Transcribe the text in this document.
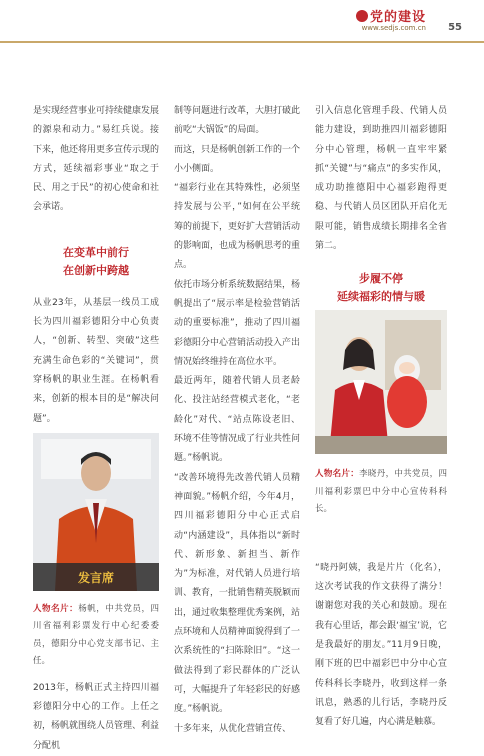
党的建设
www.sedjs.com.cn 55

是实现经营事业可持续健康发展的源泉和动力。”易红兵说。接下来，他还将用更多宣传示现的方式，延续福彩事业“取之于民、用之于民”的初心使命和社会承诺。

在变革中前行
在创新中跨越

从业23年，从基层一线员工成长为四川福彩德阳分中心负责人，“创新、转型、突破”这些充满生命色彩的“关键词”，贯穿杨帆的职业生涯。在杨帆看来，创新的根本目的是“解决问题”。

发言席
人物名片：杨帆，中共党员，四川省福利彩票发行中心纪委委员，德阳分中心党支部书记、主任。

2013年，杨帆正式主持四川福彩德阳分中心的工作。上任之初，杨帆就围绕人员管理、利益分配机

制等问题进行改革，大胆打破此前吃“大锅饭”的局面。

而这，只是杨帆创新工作的一个小小侧面。

“福彩行业在其特殊性，必须坚持发展与公平，”如何在公平统筹的前提下，更好扩大营销活动的影响面，也成为杨帆思考的重点。

依托市场分析系统数据结果，杨帆提出了“展示率是检验营销活动的重要标准”，推动了四川福彩德阳分中心营销活动投入产出情况始终维持在高位水平。

最近两年，随着代销人员老龄化、投注站经营模式老化，“老龄化”对代、“站点陈设老旧、环境不佳等情况成了行业共性问题。”杨帆说。

“改善环境得先改善代销人员精神面貌。”杨帆介绍，今年4月，四川福彩德阳分中心正式启动“内涵建设”，具体指以“新时代、新形象、新担当、新作为”为标准，对代销人员进行培训、教育，一批销售精英脱颖而出，通过收集整理优秀案例，站点环境和人员精神面貌得到了一次系统性的“扫陈除旧”。“这一做法得到了彩民群体的广泛认可，大幅提升了年轻彩民的好感度。”杨帆说。

十多年来，从优化营销宣传、

引入信息化管理手段、代销人员能力建设，到助推四川福彩德阳分中心管理，杨帆一直牢牢紧抓“关键”与“痛点”的多实作风，成功助推德阳中心福彩跑得更稳、与代销人员区团队开启化无限可能，销售成绩长期排名全省第二。

步履不停
延续福彩的情与暖
人物名片：李晓丹，中共党员，四川福利彩票巴中分中心宣传科科长。

“晓丹阿姨，我是片片（化名），这次考试我的作文获得了满分！谢谢您对我的关心和鼓励。现在我有心里话，都会跟‘福宝’说，它是我最好的朋友。”11月9日晚，刚下班的巴中福彩巴中分中心宣传科科长李晓丹，收到这样一条讯息，熟悉的儿行话，李晓丹反复看了好几遍，内心满是触慕。
